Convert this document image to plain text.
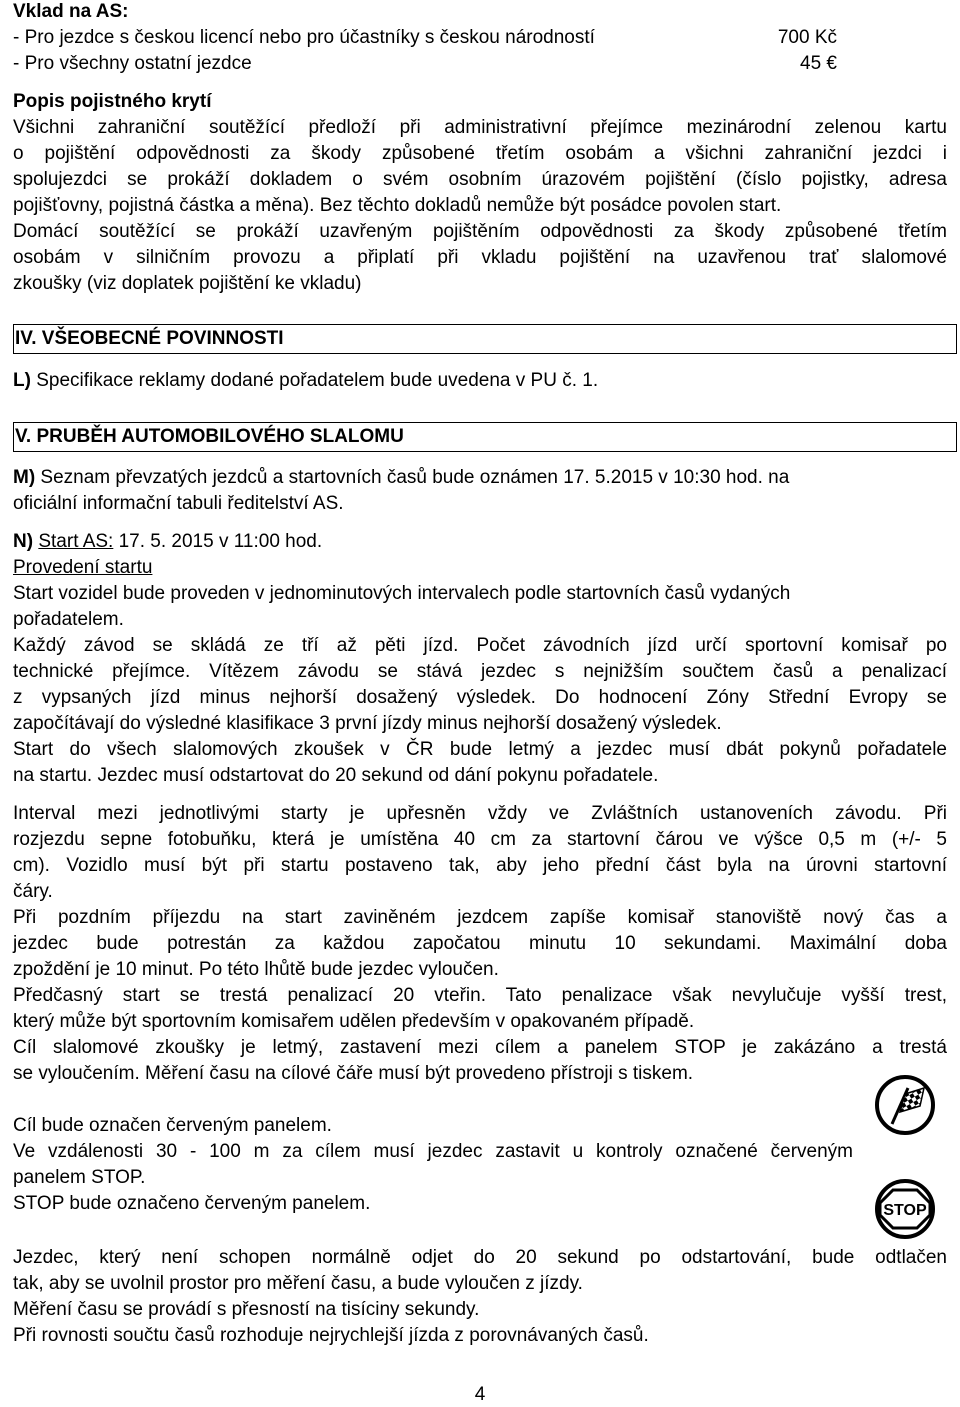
Vklad na AS:
- Pro jezdce s českou licencí nebo pro účastníky s českou národností	700 Kč
- Pro všechny ostatní jezdce	45 €
Popis pojistného krytí
Všichni zahraniční soutěžící předloží při administrativní přejímce mezinárodní zelenou kartu
o pojištění odpovědnosti za škody způsobené třetím osobám a všichni zahraniční jezdci i
spolujezdci se prokáží dokladem o svém osobním úrazovém pojištění (číslo pojistky, adresa
pojišťovny, pojistná částka a měna). Bez těchto dokladů nemůže být posádce povolen start.
Domácí soutěžící se prokáží uzavřeným pojištěním odpovědnosti za škody způsobené třetím
osobám v silničním provozu a připlatí při vkladu pojištění na uzavřenou trať slalomové
zkoušky (viz doplatek pojištění ke vkladu)
IV. VŠEOBECNÉ POVINNOSTI
L) Specifikace reklamy dodané pořadatelem bude uvedena v PU č. 1.
V. PRUBĚH AUTOMOBILOVÉHO SLALOMU
M) Seznam převzatých jezdců a startovních časů bude oznámen 17. 5.2015 v 10:30 hod. na
oficiální informační tabuli ředitelství AS.
N) Start AS: 17. 5. 2015 v 11:00 hod.
Provedení startu
Start vozidel bude proveden v jednominutových intervalech podle startovních časů vydaných
pořadatelem.
Každý závod se skládá ze tří až pěti jízd. Počet závodních jízd určí sportovní komisař po
technické přejímce. Vítězem závodu se stává jezdec s nejnižším součtem časů a penalizací
z vypsaných jízd minus nejhorší dosažený výsledek. Do hodnocení Zóny Střední Evropy se
započítávají do výsledné klasifikace 3 první jízdy minus nejhorší dosažený výsledek.
Start do všech slalomových zkoušek v ČR bude letmý a jezdec musí dbát pokynů pořadatele
na startu. Jezdec musí odstartovat do 20 sekund od dání pokynu pořadatele.
Interval mezi jednotlivými starty je upřesněn vždy ve Zvláštních ustanoveních závodu. Při
rozjezdu sepne fotobuňku, která je umístěna 40 cm za startovní čárou ve výšce 0,5 m (+/- 5
cm). Vozidlo musí být při startu postaveno tak, aby jeho přední část byla na úrovni startovní
čáry.
Při pozdním příjezdu na start zaviněném jezdcem zapíše komisař stanoviště nový čas a
jezdec bude potrestán za každou započatou minutu 10 sekundami. Maximální doba
zpoždění je 10 minut. Po této lhůtě bude jezdec vyloučen.
Předčasný start se trestá penalizací 20 vteřin. Tato penalizace však nevylučuje vyšší trest,
který může být sportovním komisařem udělen především v opakovaném případě.
Cíl slalomové zkoušky je letmý, zastavení mezi cílem a panelem STOP je zakázáno a trestá
se vyloučením. Měření času na cílové čáře musí být provedeno přístroji s tiskem.
Cíl bude označen červeným panelem.
Ve vzdálenosti 30 - 100 m za cílem musí jezdec zastavit u kontroly označené červeným
panelem STOP.
STOP bude označeno červeným panelem.
Jezdec, který není schopen normálně odjet do 20 sekund po odstartování, bude odtlačen
tak, aby se uvolnil prostor pro měření času, a bude vyloučen z jízdy.
Měření času se provádí s přesností na tisíciny sekundy.
Při rovnosti součtu časů rozhoduje nejrychlejší jízda z porovnávaných časů.
STOP
4
